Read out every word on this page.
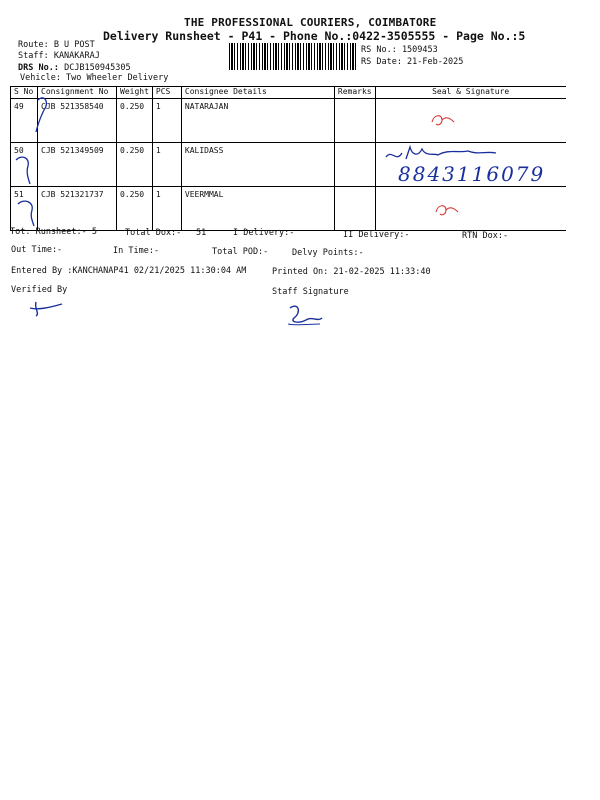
THE PROFESSIONAL COURIERS, COIMBATORE
Delivery Runsheet - P41 - Phone No.:0422-3505555 - Page No.:5
Route: B U POST
Staff: KANAKARAJ
DRS No.: DCJB150945305
Vehicle: Two Wheeler Delivery
RS No.: 1509453
RS Date: 21-Feb-2025
S No	Consignment No	Weight	PCS	Consignee Details	Remarks	Seal & Signature
49	CJB 521358540	0.250	1	NATARAJAN		
50	CJB 521349509	0.250	1	KALIDASS		
51	CJB 521321737	0.250	1	VEERMMAL		
8843116079
Tot. Runsheet:- 5	Total Dox:- 51	I Delivery:-	II Delivery:-	RTN Dox:-
Out Time:-	In Time:-	Total POD:-	Delvy Points:-
Entered By :KANCHANAP41 02/21/2025 11:30:04 AM	Printed On: 21-02-2025 11:33:40
Verified By	Staff Signature
